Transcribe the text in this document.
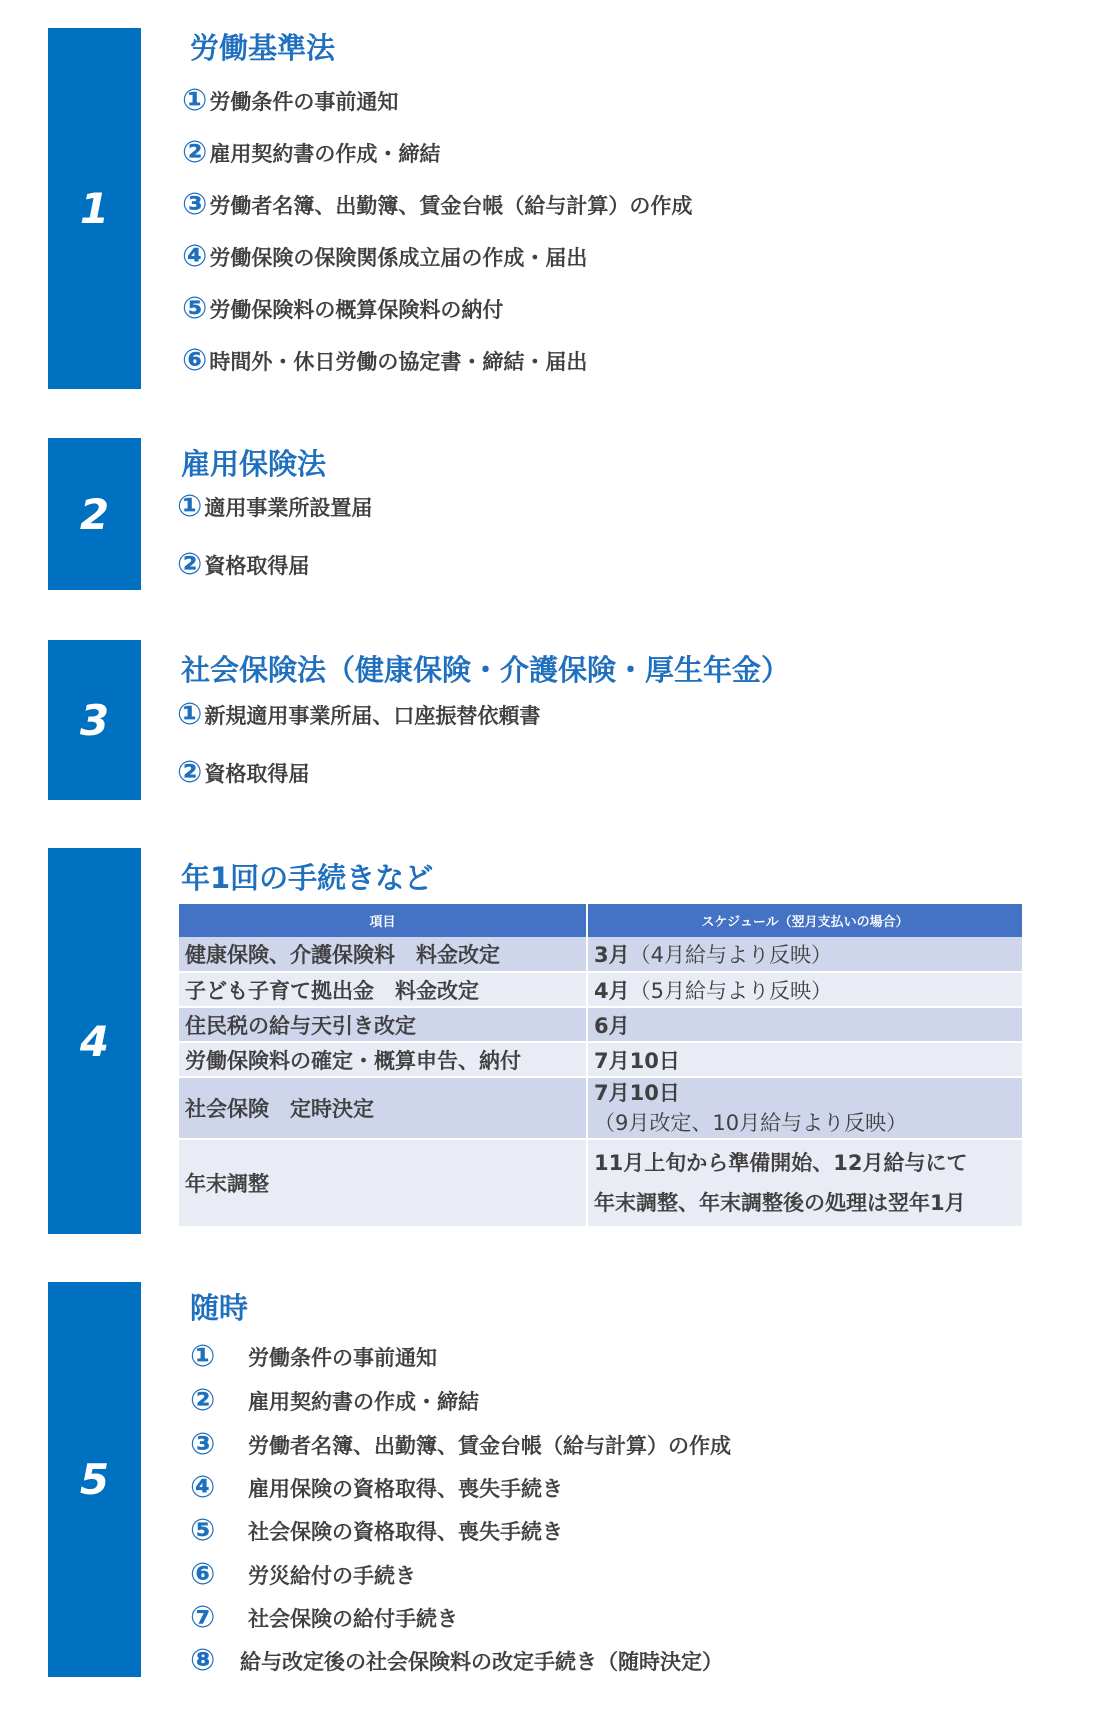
1
労働基準法
① 労働条件の事前通知
② 雇用契約書の作成・締結
③ 労働者名簿、出勤簿、賃金台帳（給与計算）の作成
④ 労働保険の保険関係成立届の作成・届出
⑤ 労働保険料の概算保険料の納付
⑥ 時間外・休日労働の協定書・締結・届出
2
雇用保険法
① 適用事業所設置届
② 資格取得届
3
社会保険法（健康保険・介護保険・厚生年金）
① 新規適用事業所届、口座振替依頼書
② 資格取得届
4
年1回の手続きなど
項目	スケジュール（翌月支払いの場合）
健康保険、介護保険料　料金改定	3月（4月給与より反映）
子ども子育て拠出金　料金改定	4月（5月給与より反映）
住民税の給与天引き改定	6月
労働保険料の確定・概算申告、納付	7月10日
社会保険　定時決定	7月10日
（9月改定、10月給与より反映）

年末調整	11月上旬から準備開始、12月給与にて
年末調整、年末調整後の処理は翌年1月
5
随時
① 労働条件の事前通知
② 雇用契約書の作成・締結
③ 労働者名簿、出勤簿、賃金台帳（給与計算）の作成
④ 雇用保険の資格取得、喪失手続き
⑤ 社会保険の資格取得、喪失手続き
⑥ 労災給付の手続き
⑦ 社会保険の給付手続き
⑧ 給与改定後の社会保険料の改定手続き（随時決定）
